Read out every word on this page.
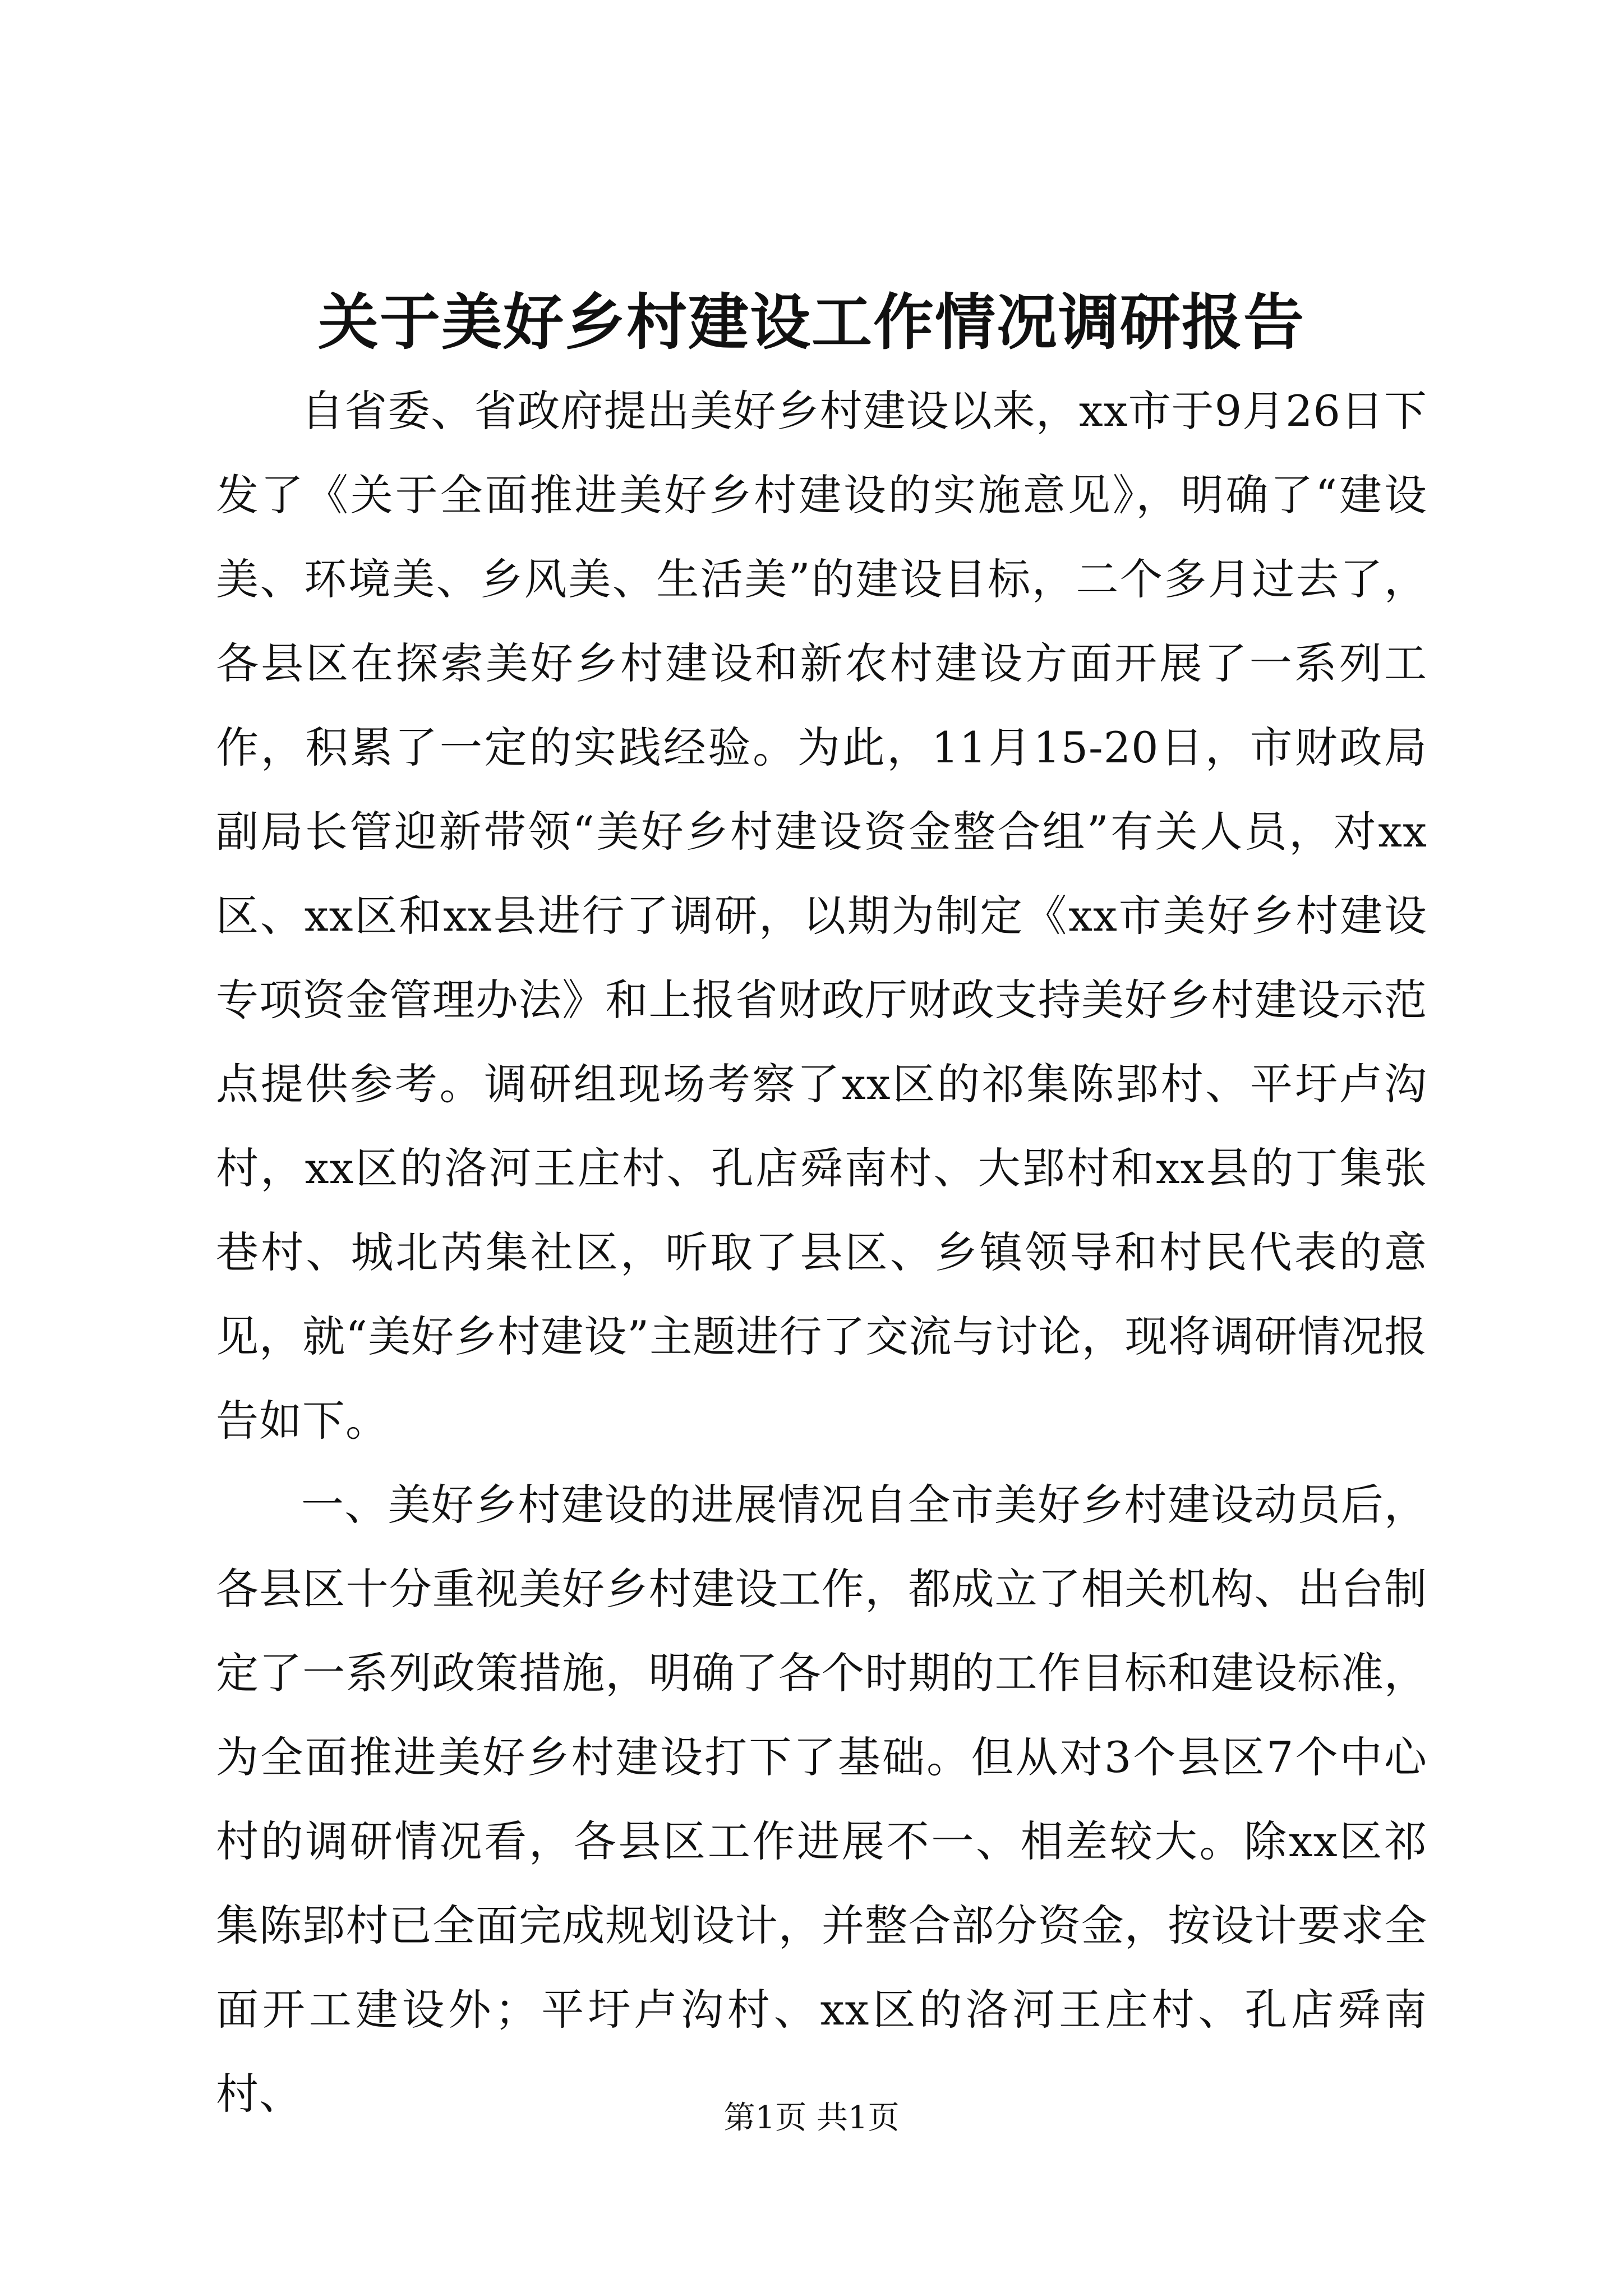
关于美好乡村建设工作情况调研报告

自省委、省政府提出美好乡村建设以来，xx市于9月26日下发了《关于全面推进美好乡村建设的实施意见》，明确了“建设美、环境美、乡风美、生活美”的建设目标，二个多月过去了，各县区在探索美好乡村建设和新农村建设方面开展了一系列工作，积累了一定的实践经验。为此，11月15-20日，市财政局副局长管迎新带领“美好乡村建设资金整合组”有关人员，对xx区、xx区和xx县进行了调研，以期为制定《xx市美好乡村建设专项资金管理办法》和上报省财政厅财政支持美好乡村建设示范点提供参考。调研组现场考察了xx区的祁集陈郢村、平圩卢沟村，xx区的洛河王庄村、孔店舜南村、大郢村和xx县的丁集张巷村、城北芮集社区，听取了县区、乡镇领导和村民代表的意见，就“美好乡村建设”主题进行了交流与讨论，现将调研情况报告如下。

一、美好乡村建设的进展情况自全市美好乡村建设动员后，各县区十分重视美好乡村建设工作，都成立了相关机构、出台制定了一系列政策措施，明确了各个时期的工作目标和建设标准，为全面推进美好乡村建设打下了基础。但从对3个县区7个中心村的调研情况看，各县区工作进展不一、相差较大。除xx区祁集陈郢村已全面完成规划设计，并整合部分资金，按设计要求全面开工建设外；平圩卢沟村、xx区的洛河王庄村、孔店舜南村、	第1页 共1页
